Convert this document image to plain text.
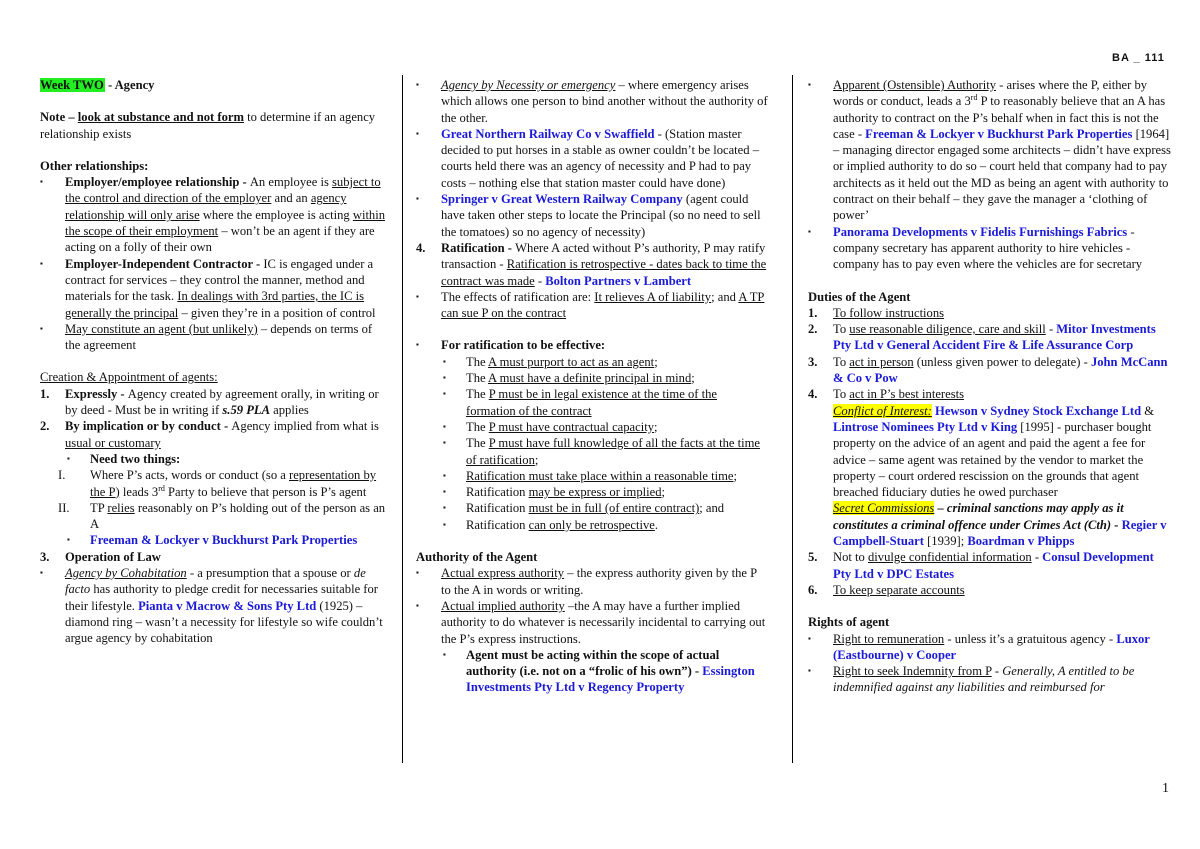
BA _ 111

Week TWO - Agency

Note – look at substance and not form to determine if an agency relationship exists

Other relationships:

▪ Employer/employee relationship - An employee is subject to the control and direction of the employer and an agency relationship will only arise where the employee is acting within the scope of their employment – won’t be an agent if they are acting on a folly of their own
▪ Employer-Independent Contractor - IC is engaged under a contract for services – they control the manner, method and materials for the task. In dealings with 3rd parties, the IC is generally the principal – given they’re in a position of control
▪ May constitute an agent (but unlikely) – depends on terms of the agreement

Creation & Appointment of agents:

1. Expressly - Agency created by agreement orally, in writing or by deed - Must be in writing if s.59 PLA applies
2. By implication or by conduct - Agency implied from what is usual or customary
▪ Need two things:
I. Where P’s acts, words or conduct (so a representation by the P) leads 3rd Party to believe that person is P’s agent
II. TP relies reasonably on P’s holding out of the person as an A
▪ Freeman & Lockyer v Buckhurst Park Properties
3. Operation of Law
▪ Agency by Cohabitation - a presumption that a spouse or de facto has authority to pledge credit for necessaries suitable for their lifestyle. Pianta v Macrow & Sons Pty Ltd (1925) – diamond ring – wasn’t a necessity for lifestyle so wife couldn’t argue agency by cohabitation
▪ Agency by Necessity or emergency – where emergency arises which allows one person to bind another without the authority of the other.
▪ Great Northern Railway Co v Swaffield - (Station master decided to put horses in a stable as owner couldn’t be located – courts held there was an agency of necessity and P had to pay costs – nothing else that station master could have done)
▪ Springer v Great Western Railway Company (agent could have taken other steps to locate the Principal (so no need to sell the tomatoes) so no agency of necessity)
4. Ratification - Where A acted without P’s authority, P may ratify transaction - Ratification is retrospective - dates back to time the contract was made - Bolton Partners v Lambert
▪ The effects of ratification are: It relieves A of liability; and A TP can sue P on the contract
▪ For ratification to be effective:
▪ The A must purport to act as an agent;
▪ The A must have a definite principal in mind;
▪ The P must be in legal existence at the time of the formation of the contract
▪ The P must have contractual capacity;
▪ The P must have full knowledge of all the facts at the time of ratification;
▪ Ratification must take place within a reasonable time;
▪ Ratification may be express or implied;
▪ Ratification must be in full (of entire contract); and
▪ Ratification can only be retrospective.

Authority of the Agent

▪ Actual express authority – the express authority given by the P to the A in words or writing.
▪ Actual implied authority –the A may have a further implied authority to do whatever is necessarily incidental to carrying out the P’s express instructions.
▪ Agent must be acting within the scope of actual authority (i.e. not on a “frolic of his own”) - Essington Investments Pty Ltd v Regency Property
▪ Apparent (Ostensible) Authority - arises where the P, either by words or conduct, leads a 3rd P to reasonably believe that an A has authority to contract on the P’s behalf when in fact this is not the case - Freeman & Lockyer v Buckhurst Park Properties [1964] – managing director engaged some architects – didn’t have express or implied authority to do so – court held that company had to pay architects as it held out the MD as being an agent with authority to contract on their behalf – they gave the manager a ‘clothing of power’
▪ Panorama Developments v Fidelis Furnishings Fabrics - company secretary has apparent authority to hire vehicles - company has to pay even where the vehicles are for secretary

Duties of the Agent

1. To follow instructions
2. To use reasonable diligence, care and skill - Mitor Investments Pty Ltd v General Accident Fire & Life Assurance Corp
3. To act in person (unless given power to delegate) - John McCann & Co v Pow
4. To act in P’s best interests
Conflict of Interest: Hewson v Sydney Stock Exchange Ltd & Lintrose Nominees Pty Ltd v King [1995] - purchaser bought property on the advice of an agent and paid the agent a fee for advice – same agent was retained by the vendor to market the property – court ordered rescission on the grounds that agent breached fiduciary duties he owed purchaser
Secret Commissions – criminal sanctions may apply as it constitutes a criminal offence under Crimes Act (Cth) - Regier v Campbell-Stuart [1939]; Boardman v Phipps
5. Not to divulge confidential information - Consul Development Pty Ltd v DPC Estates
6. To keep separate accounts

Rights of agent

▪ Right to remuneration - unless it’s a gratuitous agency - Luxor (Eastbourne) v Cooper
▪ Right to seek Indemnity from P - Generally, A entitled to be indemnified against any liabilities and reimbursed for
1
